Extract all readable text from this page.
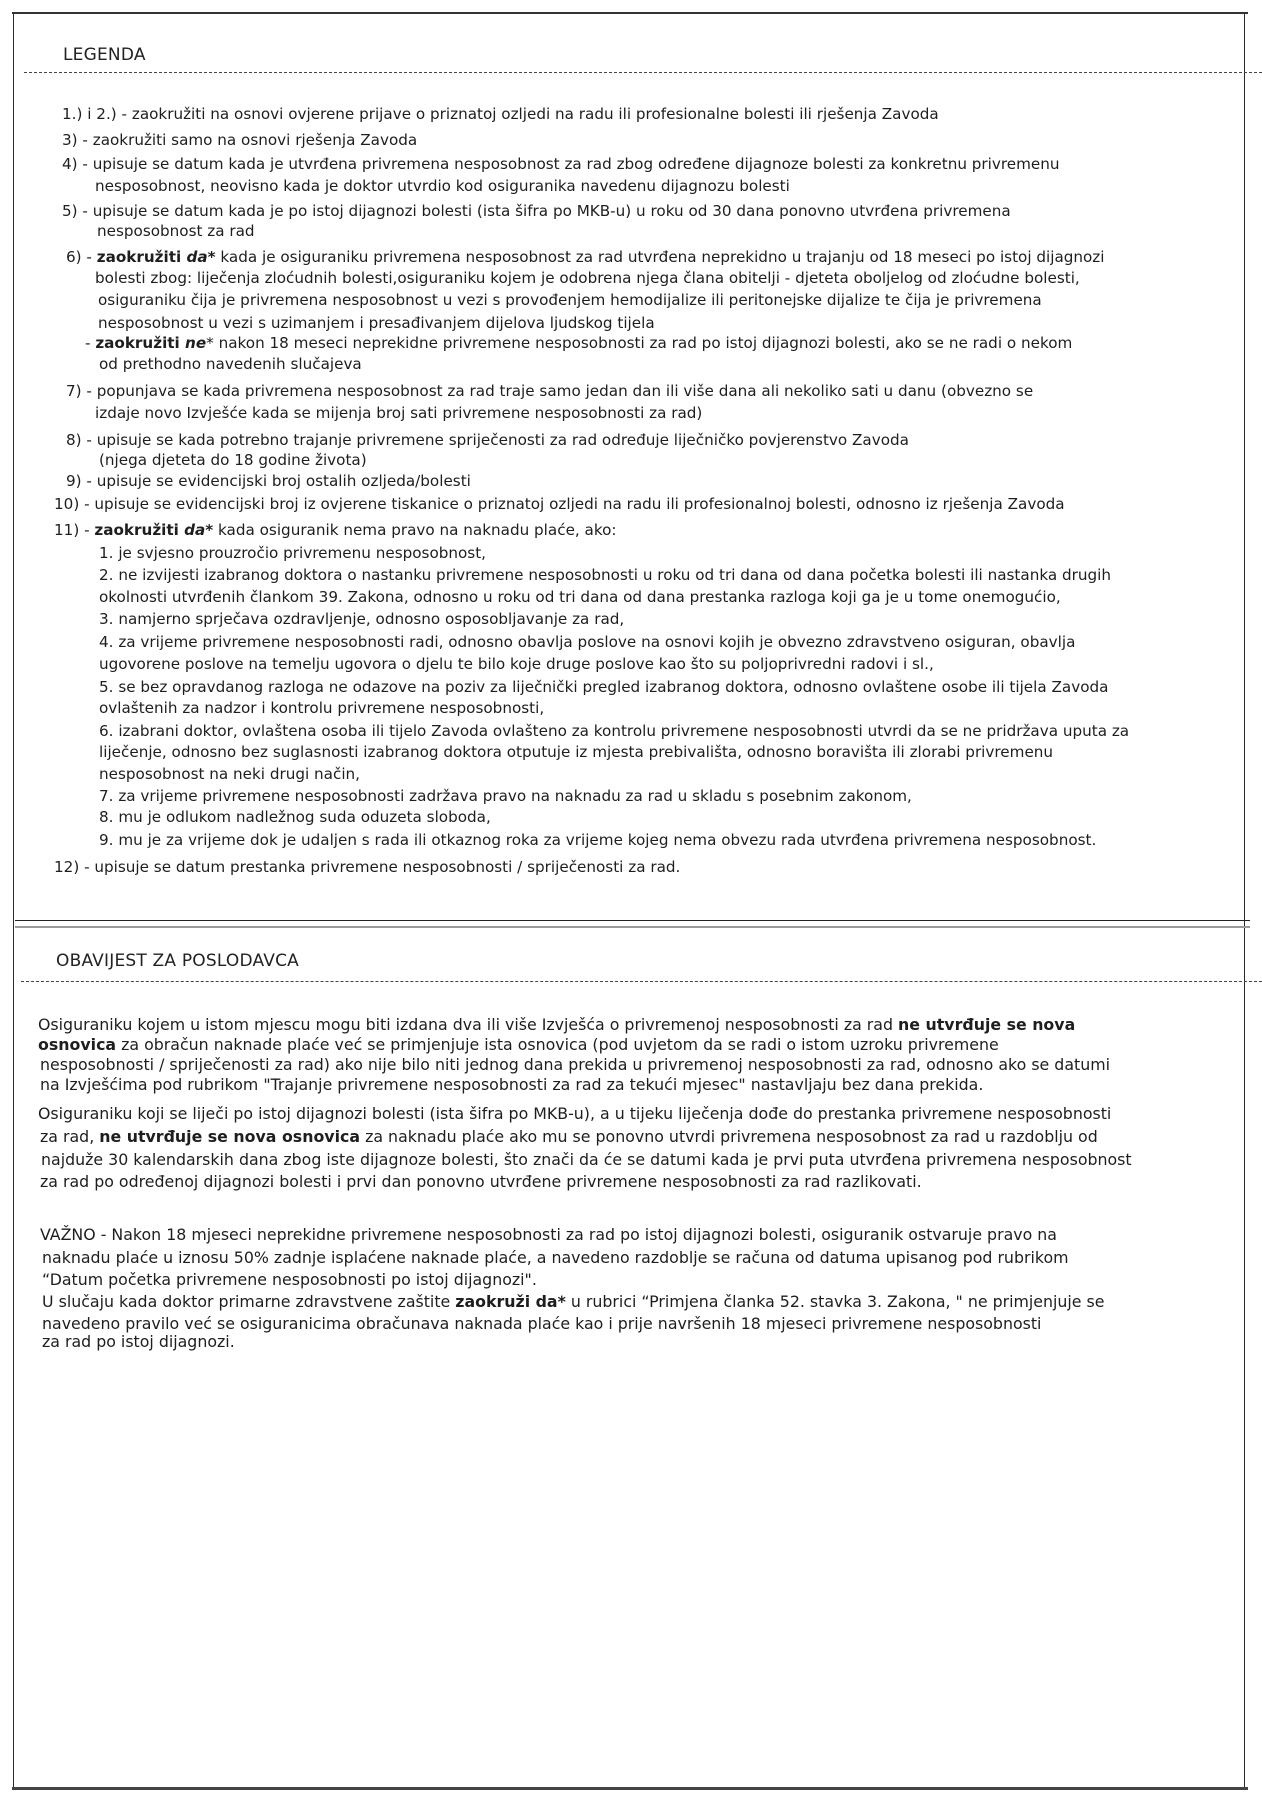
LEGENDA
1.) i 2.) - zaokružiti na osnovi ovjerene prijave o priznatoj ozljedi na radu ili profesionalne bolesti ili rješenja Zavoda
3) - zaokružiti samo na osnovi rješenja Zavoda
4) - upisuje se datum kada je utvrđena privremena nesposobnost za rad zbog određene dijagnoze bolesti za konkretnu privremenu
nesposobnost, neovisno kada je doktor utvrdio kod osiguranika navedenu dijagnozu bolesti
5) - upisuje se datum kada je po istoj dijagnozi bolesti (ista šifra po MKB-u) u roku od 30 dana ponovno utvrđena privremena
nesposobnost za rad
6) - zaokružiti da* kada je osiguraniku privremena nesposobnost za rad utvrđena neprekidno u trajanju od 18 meseci po istoj dijagnozi
bolesti zbog: liječenja zloćudnih bolesti,osiguraniku kojem je odobrena njega člana obitelji - djeteta oboljelog od zloćudne bolesti,
osiguraniku čija je privremena nesposobnost u vezi s provođenjem hemodijalize ili peritonejske dijalize te čija je privremena
nesposobnost u vezi s uzimanjem i presađivanjem dijelova ljudskog tijela
- zaokružiti ne* nakon 18 meseci neprekidne privremene nesposobnosti za rad po istoj dijagnozi bolesti, ako se ne radi o nekom
od prethodno navedenih slučajeva
7) - popunjava se kada privremena nesposobnost za rad traje samo jedan dan ili više dana ali nekoliko sati u danu (obvezno se
izdaje novo Izvješće kada se mijenja broj sati privremene nesposobnosti za rad)
8) - upisuje se kada potrebno trajanje privremene spriječenosti za rad određuje liječničko povjerenstvo Zavoda
(njega djeteta do 18 godine života)
9) - upisuje se evidencijski broj ostalih ozljeda/bolesti
10) - upisuje se evidencijski broj iz ovjerene tiskanice o priznatoj ozljedi na radu ili profesionalnoj bolesti, odnosno iz rješenja Zavoda
11) - zaokružiti da* kada osiguranik nema pravo na naknadu plaće, ako:
1. je svjesno prouzročio privremenu nesposobnost,
2. ne izvijesti izabranog doktora o nastanku privremene nesposobnosti u roku od tri dana od dana početka bolesti ili nastanka drugih
okolnosti utvrđenih člankom 39. Zakona, odnosno u roku od tri dana od dana prestanka razloga koji ga je u tome onemogućio,
3. namjerno sprječava ozdravljenje, odnosno osposobljavanje za rad,
4. za vrijeme privremene nesposobnosti radi, odnosno obavlja poslove na osnovi kojih je obvezno zdravstveno osiguran, obavlja
ugovorene poslove na temelju ugovora o djelu te bilo koje druge poslove kao što su poljoprivredni radovi i sl.,
5. se bez opravdanog razloga ne odazove na poziv za liječnički pregled izabranog doktora, odnosno ovlaštene osobe ili tijela Zavoda
ovlaštenih za nadzor i kontrolu privremene nesposobnosti,
6. izabrani doktor, ovlaštena osoba ili tijelo Zavoda ovlašteno za kontrolu privremene nesposobnosti utvrdi da se ne pridržava uputa za
liječenje, odnosno bez suglasnosti izabranog doktora otputuje iz mjesta prebivališta, odnosno boravišta ili zlorabi privremenu
nesposobnost na neki drugi način,
7. za vrijeme privremene nesposobnosti zadržava pravo na naknadu za rad u skladu s posebnim zakonom,
8. mu je odlukom nadležnog suda oduzeta sloboda,
9. mu je za vrijeme dok je udaljen s rada ili otkaznog roka za vrijeme kojeg nema obvezu rada utvrđena privremena nesposobnost.
12) - upisuje se datum prestanka privremene nesposobnosti / spriječenosti za rad.
OBAVIJEST ZA POSLODAVCA
Osiguraniku kojem u istom mjescu mogu biti izdana dva ili više Izvješća o privremenoj nesposobnosti za rad ne utvrđuje se nova
osnovica za obračun naknade plaće već se primjenjuje ista osnovica (pod uvjetom da se radi o istom uzroku privremene
nesposobnosti / spriječenosti za rad) ako nije bilo niti jednog dana prekida u privremenoj nesposobnosti za rad, odnosno ako se datumi
na Izvješćima pod rubrikom "Trajanje privremene nesposobnosti za rad za tekući mjesec" nastavljaju bez dana prekida.
Osiguraniku koji se liječi po istoj dijagnozi bolesti (ista šifra po MKB-u), a u tijeku liječenja dođe do prestanka privremene nesposobnosti
za rad, ne utvrđuje se nova osnovica za naknadu plaće ako mu se ponovno utvrdi privremena nesposobnost za rad u razdoblju od
najduže 30 kalendarskih dana zbog iste dijagnoze bolesti, što znači da će se datumi kada je prvi puta utvrđena privremena nesposobnost
za rad po određenoj dijagnozi bolesti i prvi dan ponovno utvrđene privremene nesposobnosti za rad razlikovati.
VAŽNO - Nakon 18 mjeseci neprekidne privremene nesposobnosti za rad po istoj dijagnozi bolesti, osiguranik ostvaruje pravo na
naknadu plaće u iznosu 50% zadnje isplaćene naknade plaće, a navedeno razdoblje se računa od datuma upisanog pod rubrikom
“Datum početka privremene nesposobnosti po istoj dijagnozi".
U slučaju kada doktor primarne zdravstvene zaštite zaokruži da* u rubrici “Primjena članka 52. stavka 3. Zakona, " ne primjenjuje se
navedeno pravilo već se osiguranicima obračunava naknada plaće kao i prije navršenih 18 mjeseci privremene nesposobnosti
za rad po istoj dijagnozi.
